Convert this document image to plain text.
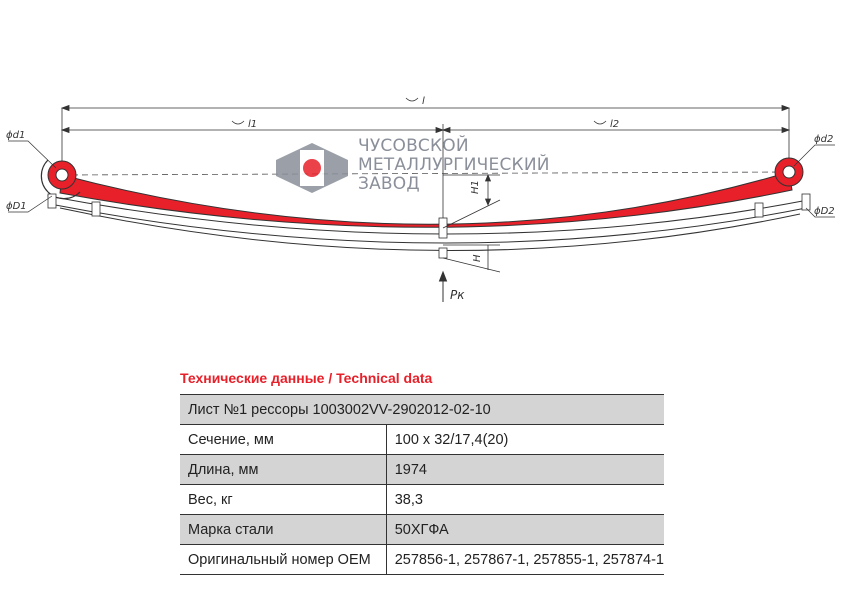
l
l1	l2
H1
H
Pк
ϕd1
ϕD1
ϕd2
ϕD2
ЧУСОВСКОЙ
МЕТАЛЛУРГИЧЕСКИЙ
ЗАВОД
Технические данные / Technical data
Лист №1 рессоры 1003002VV-2902012-02-10	
Сечение, мм	100 x 32/17,4(20)
Длина, мм	1974
Вес, кг	38,3
Марка стали	50ХГФА
Оригинальный номер OEM	257856-1, 257867-1, 257855-1, 257874-1
